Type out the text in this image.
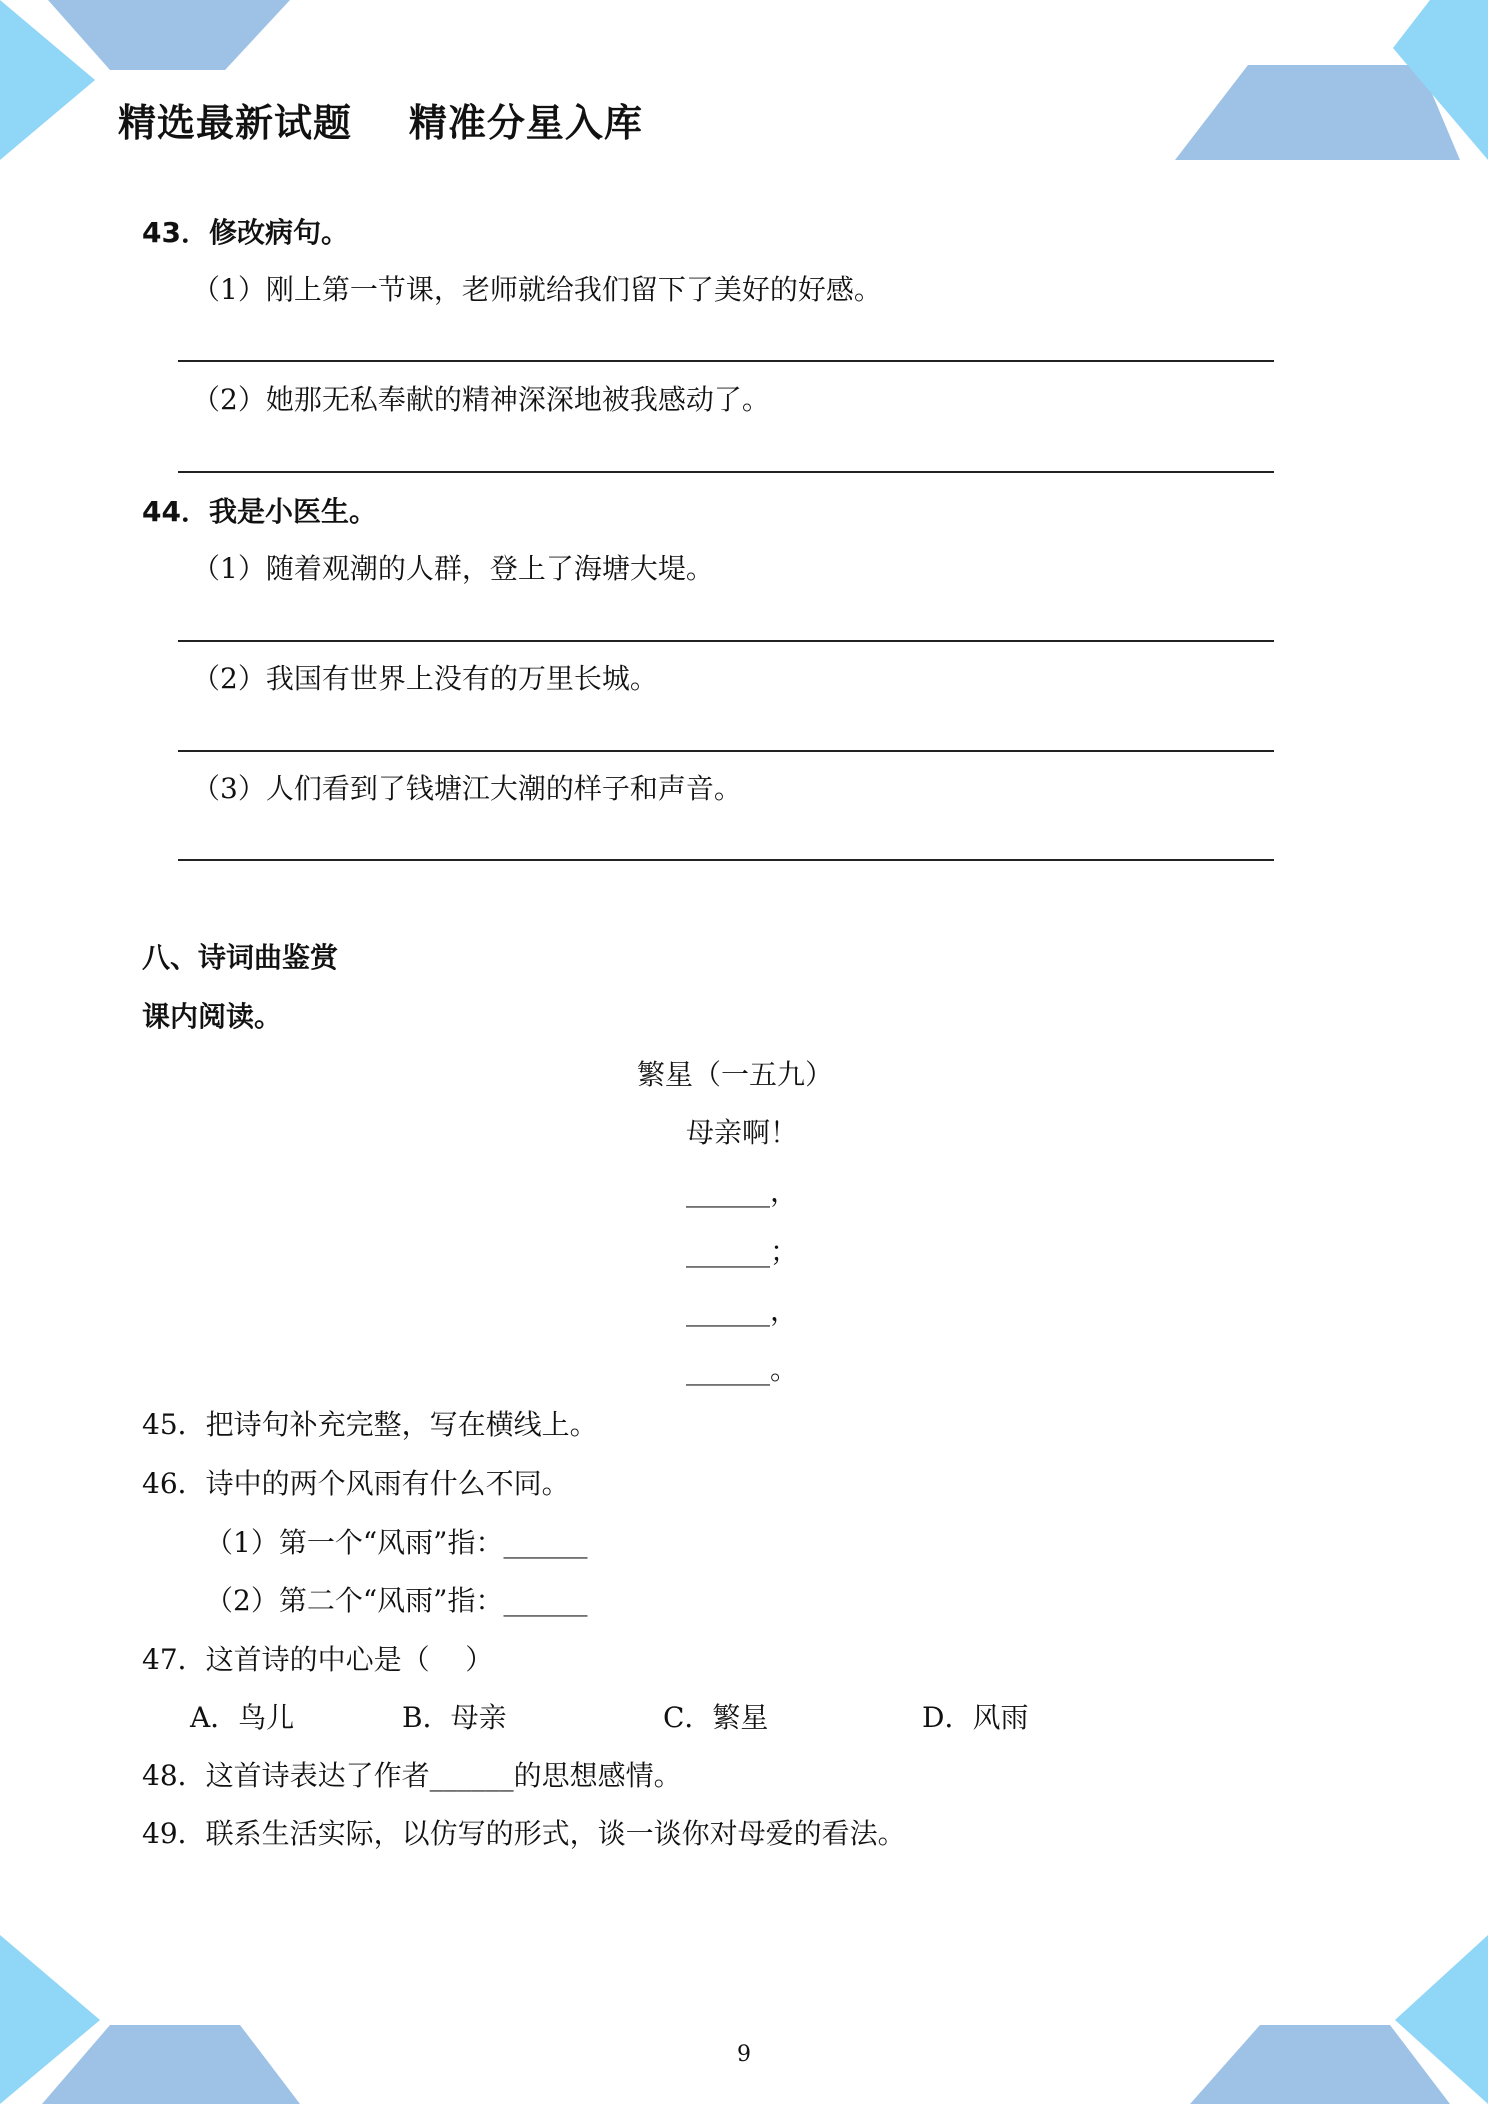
精选最新试题    精准分星入库
43．修改病句。
（1）刚上第一节课，老师就给我们留下了美好的好感。
（2）她那无私奉献的精神深深地被我感动了。
44．我是小医生。
（1）随着观潮的人群，登上了海塘大堤。
（2）我国有世界上没有的万里长城。
（3）人们看到了钱塘江大潮的样子和声音。
八、诗词曲鉴赏
课内阅读。
繁星（一五九）
母亲啊！
______，
______；
______，
______。
45．把诗句补充完整，写在横线上。
46．诗中的两个风雨有什么不同。
（1）第一个“风雨”指：______
（2）第二个“风雨”指：______
47．这首诗的中心是（    ）
A．鸟儿	B．母亲	C．繁星	D．风雨
48．这首诗表达了作者______的思想感情。
49．联系生活实际，以仿写的形式，谈一谈你对母爱的看法。
9
